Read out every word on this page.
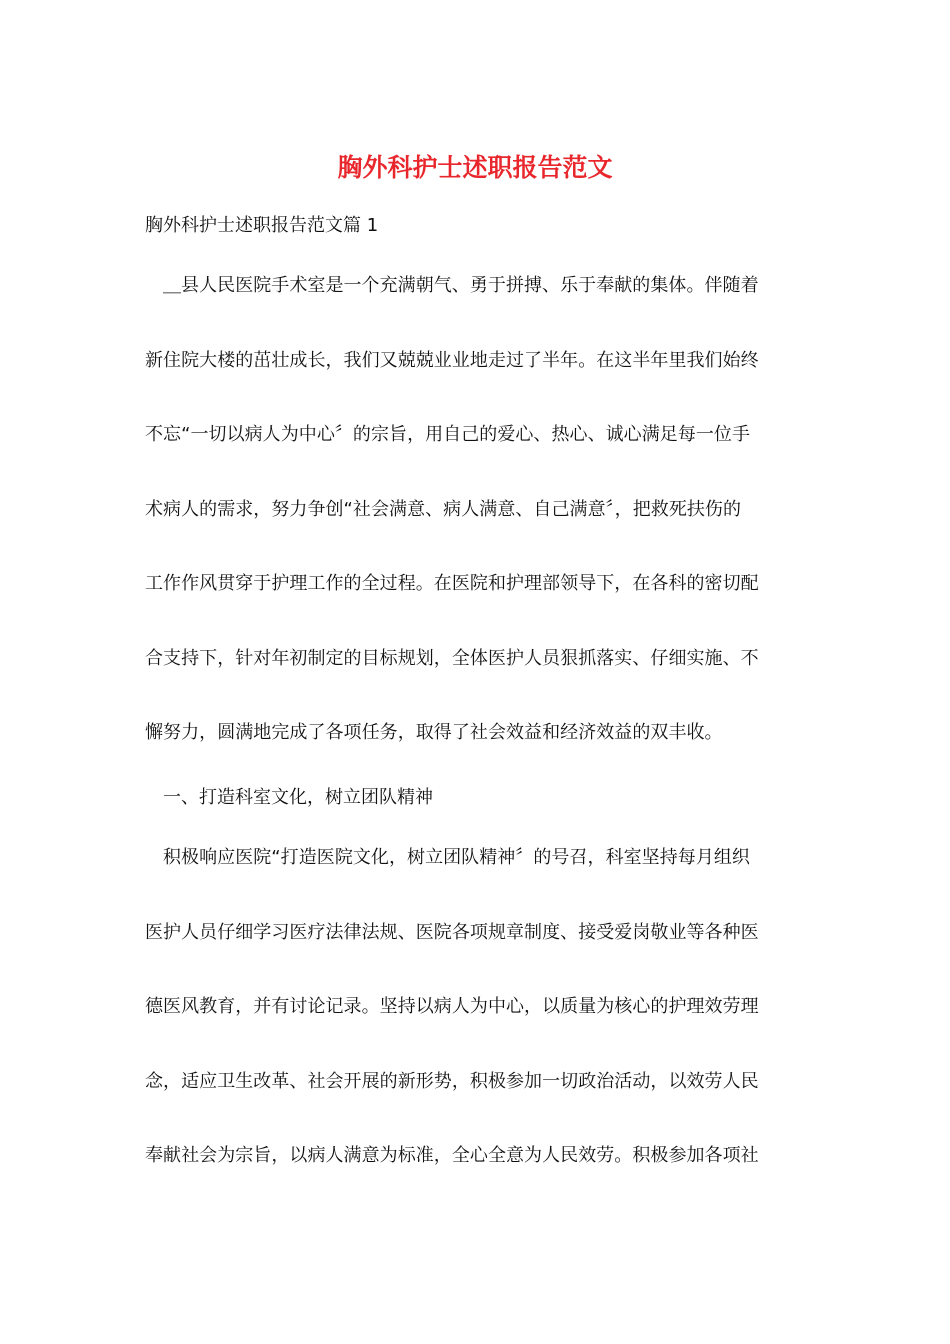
胸外科护士述职报告范文

胸外科护士述职报告范文篇 1

＿县人民医院手术室是一个充满朝气、勇于拼搏、乐于奉献的集体。伴随着
新住院大楼的茁壮成长，我们又兢兢业业地走过了半年。在这半年里我们始终
不忘“一切以病人为中心〞的宗旨，用自己的爱心、热心、诚心满足每一位手
术病人的需求，努力争创“社会满意、病人满意、自己满意〞，把救死扶伤的
工作作风贯穿于护理工作的全过程。在医院和护理部领导下，在各科的密切配
合支持下，针对年初制定的目标规划，全体医护人员狠抓落实、仔细实施、不
懈努力，圆满地完成了各项任务，取得了社会效益和经济效益的双丰收。

一、打造科室文化，树立团队精神

积极响应医院“打造医院文化，树立团队精神〞的号召，科室坚持每月组织
医护人员仔细学习医疗法律法规、医院各项规章制度、接受爱岗敬业等各种医
德医风教育，并有讨论记录。坚持以病人为中心，以质量为核心的护理效劳理
念，适应卫生改革、社会开展的新形势，积极参加一切政治活动，以效劳人民
奉献社会为宗旨，以病人满意为标准，全心全意为人民效劳。积极参加各项社
